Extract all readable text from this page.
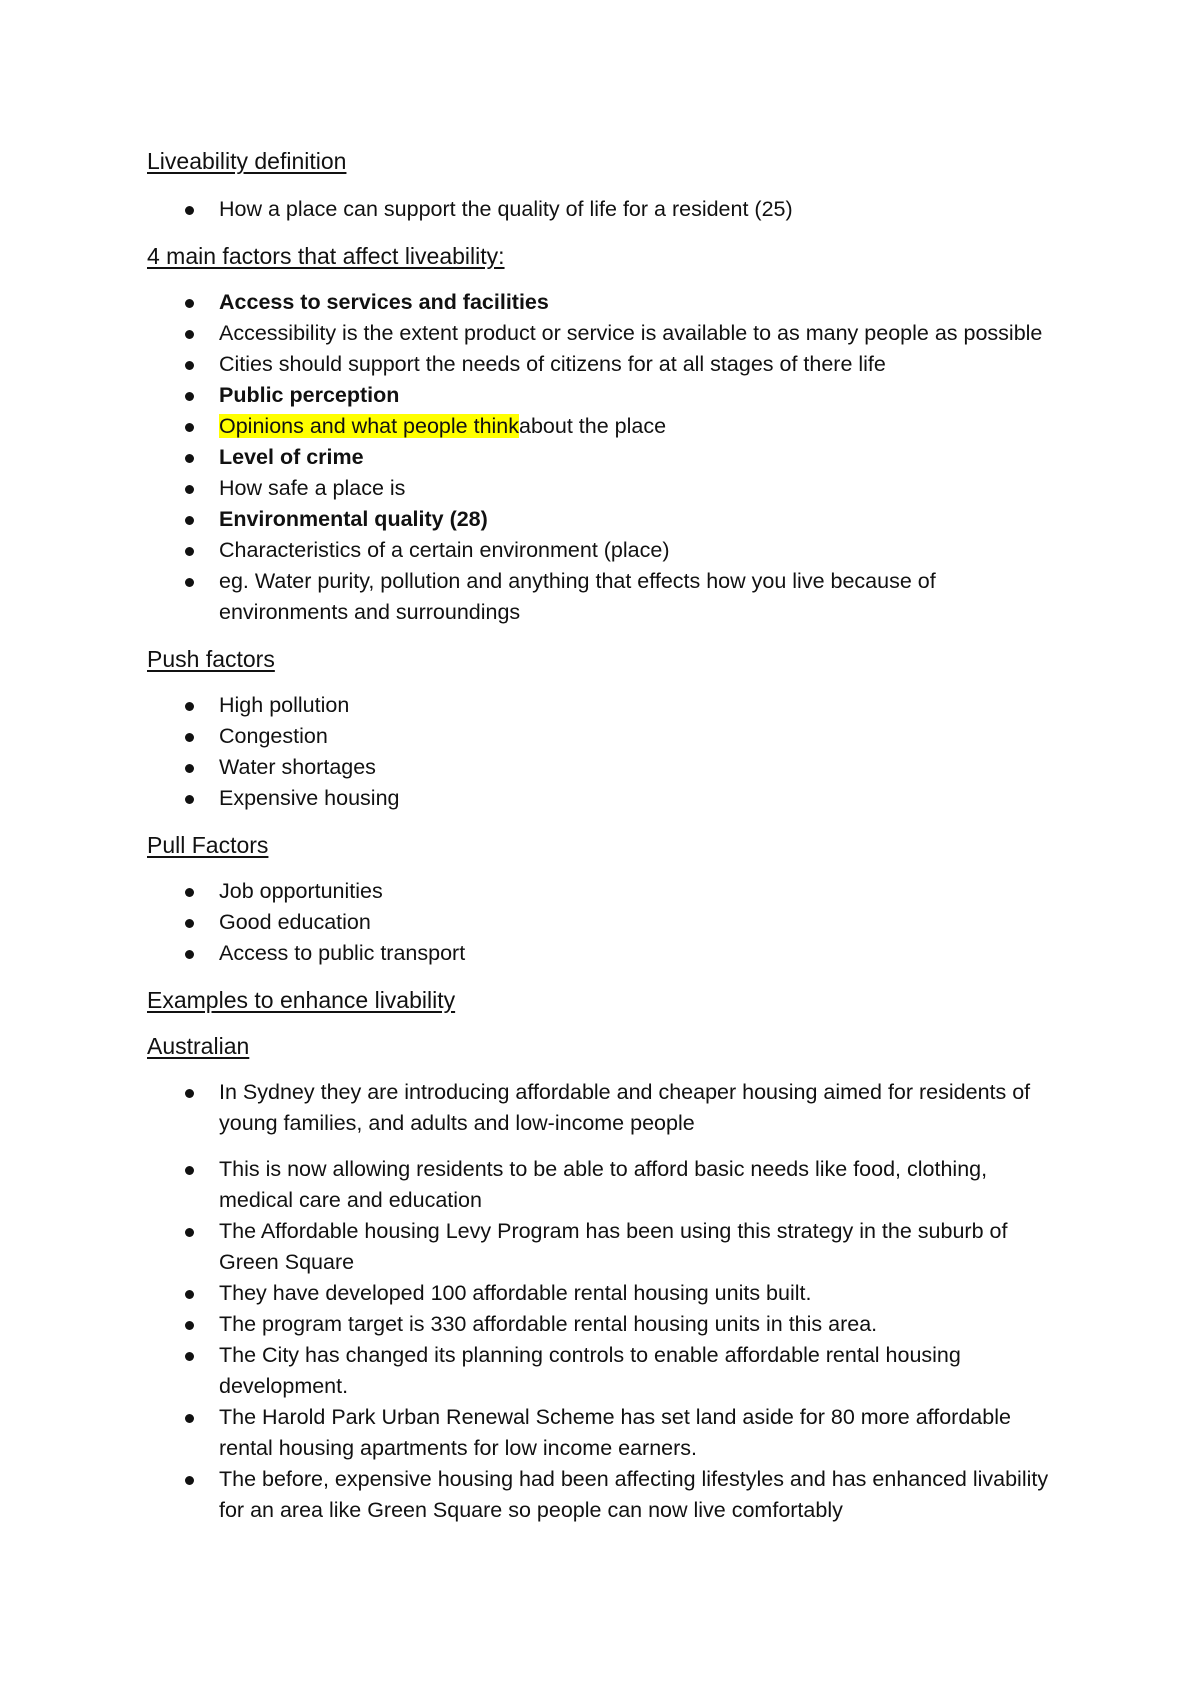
Liveability definition
How a place can support the quality of life for a resident (25)
4 main factors that affect liveability:
Access to services and facilities
Accessibility is the extent product or service is available to as many people as possible
Cities should support the needs of citizens for at all stages of there life
Public perception
Opinions and what people thinkabout the place
Level of crime
How safe a place is
Environmental quality (28)
Characteristics of a certain environment (place)
eg. Water purity, pollution and anything that effects how you live because of environments and surroundings
Push factors
High pollution
Congestion
Water shortages
Expensive housing
Pull Factors
Job opportunities
Good education
Access to public transport
Examples to enhance livability
Australian
In Sydney they are introducing affordable and cheaper housing aimed for residents of young families, and adults and low-income people
This is now allowing residents to be able to afford basic needs like food, clothing, medical care and education
The Affordable housing Levy Program has been using this strategy in the suburb of Green Square
They have developed 100 affordable rental housing units built.
The program target is 330 affordable rental housing units in this area.
The City has changed its planning controls to enable affordable rental housing development.
The Harold Park Urban Renewal Scheme has set land aside for 80 more affordable rental housing apartments for low income earners.
The before, expensive housing had been affecting lifestyles and has enhanced livability for an area like Green Square so people can now live comfortably
